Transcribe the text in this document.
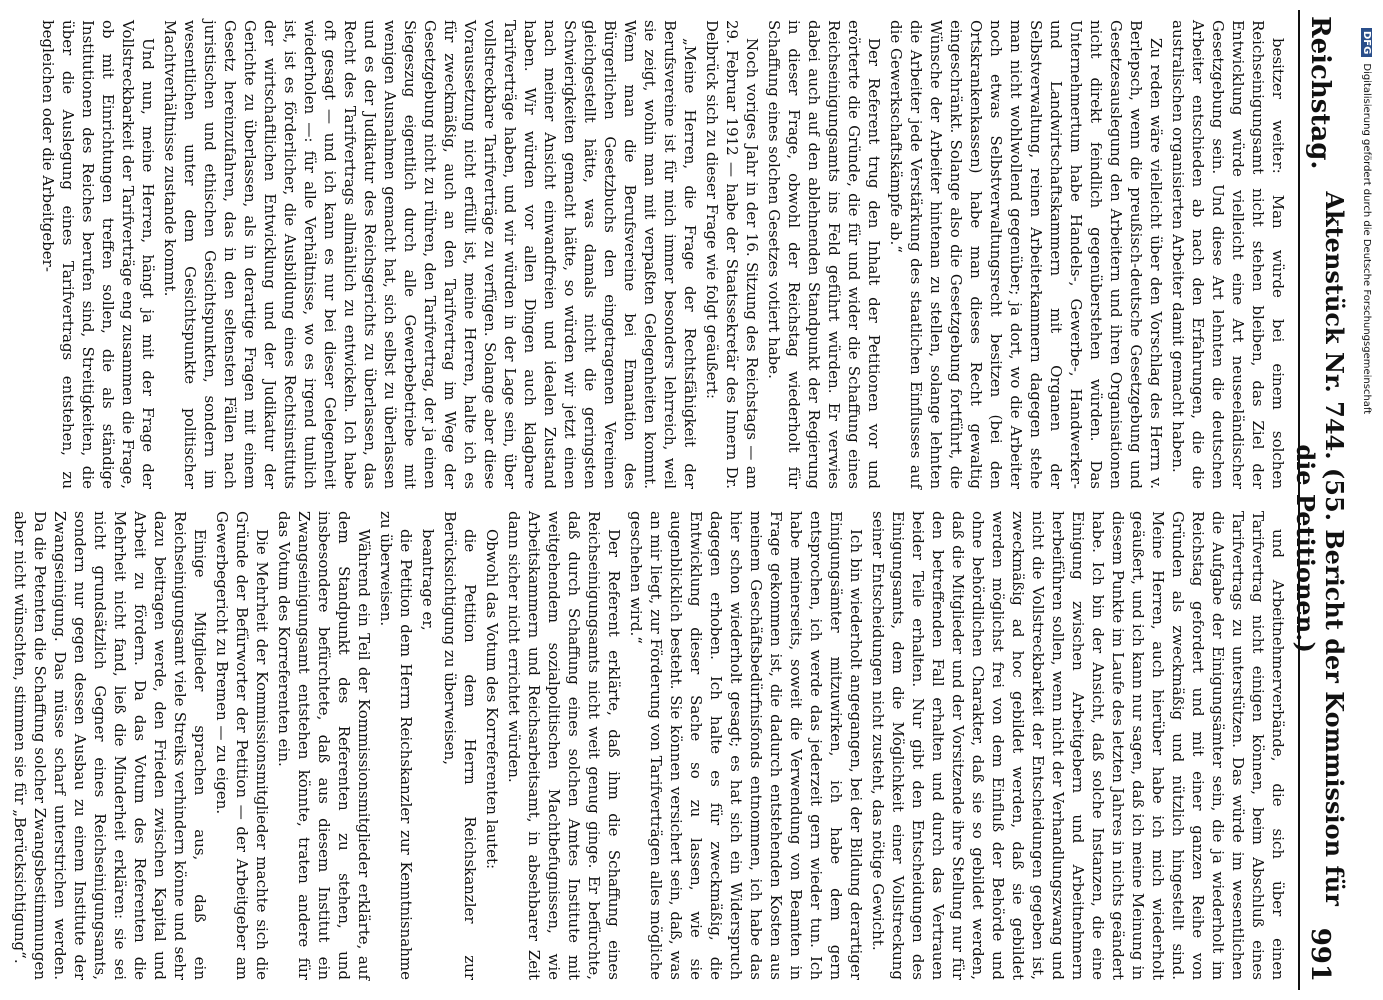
Reichstag.
Aktenstück Nr. 744. (55. Bericht der Kommission für die Petitionen.)
991

besitzer weiter: Man würde bei einem solchen Reichseinigungsamt nicht stehen bleiben, das Ziel der Entwicklung würde vielleicht eine Art neuseeländischer Gesetzgebung sein. Und diese Art lehnten die deutschen Arbeiter entschieden ab nach den Erfahrungen, die die australischen organisierten Arbeiter damit gemacht haben.

Zu reden wäre vielleicht über den Vorschlag des Herrn v. Berlepsch, wenn die preußisch-deutsche Gesetzgebung und Gesetzesauslegung den Arbeitern und ihren Organisationen nicht direkt feindlich gegenüberstehen würden. Das Unternehmertum habe Handels-, Gewerbe-, Handwerker- und Landwirtschaftskammern mit Organen der Selbstverwaltung, reinen Arbeiterkammern dagegen stehe man nicht wohlwollend gegenüber; ja dort, wo die Arbeiter noch etwas Selbstverwaltungsrecht besitzen (bei den Ortskrankenkassen) habe man dieses Recht gewaltig eingeschränkt. Solange also die Gesetzgebung fortführt, die Wünsche der Arbeiter hintenan zu stellen, solange lehnten die Arbeiter jede Verstärkung des staatlichen Einflusses auf die Gewerkschaftskämpfe ab.“

Der Referent trug den Inhalt der Petitionen vor und erörterte die Gründe, die für und wider die Schaffung eines Reichseinigungsamts ins Feld geführt würden. Er verwies dabei auch auf den ablehnenden Standpunkt der Regierung in dieser Frage, obwohl der Reichstag wiederholt für Schaffung eines solchen Gesetzes votiert habe.

Noch voriges Jahr in der 16. Sitzung des Reichstags — am 29. Februar 1912 — habe der Staatssekretär des Innern Dr. Delbrück sich zu dieser Frage wie folgt geäußert:

„Meine Herren, die Frage der Rechtsfähigkeit der Berufsvereine ist für mich immer besonders lehrreich, weil sie zeigt, wohin man mit verpaßten Gelegenheiten kommt. Wenn man die Berufsvereine bei Emanation des Bürgerlichen Gesetzbuchs den eingetragenen Vereinen gleichgestellt hätte, was damals nicht die geringsten Schwierigkeiten gemacht hätte, so würden wir jetzt einen nach meiner Ansicht einwandfreien und idealen Zustand haben. Wir würden vor allen Dingen auch klagbare Tarifverträge haben, und wir würden in der Lage sein, über vollstreckbare Tarifverträge zu verfügen. Solange aber diese Voraussetzung nicht erfüllt ist, meine Herren, halte ich es für zweckmäßig, auch an den Tarifvertrag im Wege der Gesetzgebung nicht zu rühren, den Tarifvertrag, der ja einen Siegeszug eigentlich durch alle Gewerbebetriebe mit wenigen Ausnahmen gemacht hat, sich selbst zu überlassen und es der Judikatur des Reichsgerichts zu überlassen, das Recht des Tarifvertrags allmählich zu entwickeln. Ich habe oft gesagt — und ich kann es nur bei dieser Gelegenheit wiederholen —: für alle Verhältnisse, wo es irgend tunlich ist, ist es förderlicher, die Ausbildung eines Rechtsinstituts der wirtschaftlichen Entwicklung und der Judikatur der Gerichte zu überlassen, als in derartige Fragen mit einem Gesetz hereinzufahren, das in den seltensten Fällen nach juristischen und ethischen Gesichtspunkten, sondern im wesentlichen unter dem Gesichtspunkte politischer Machtverhältnisse zustande kommt.

Und nun, meine Herren, hängt ja mit der Frage der Vollstreckbarkeit der Tarifverträge eng zusammen die Frage, ob mit Einrichtungen treffen sollen, die als ständige Institutionen des Reiches berufen sind, Streitigkeiten, die über die Auslegung eines Tarifvertrags entstehen, zu begleichen oder die Arbeitgeber-

und Arbeitnehmerverbände, die sich über einen Tarifvertrag nicht einigen können, beim Abschluß eines Tarifvertrags zu unterstützen. Das würde im wesentlichen die Aufgabe der Einigungsämter sein, die ja wiederholt im Reichstag gefordert und mit einer ganzen Reihe von Gründen als zweckmäßig und nützlich hingestellt sind. Meine Herren, auch hierüber habe ich mich wiederholt geäußert, und ich kann nur sagen, daß ich meine Meinung in diesem Punkte im Laufe des letzten Jahres in nichts geändert habe. Ich bin der Ansicht, daß solche Instanzen, die eine Einigung zwischen Arbeitgebern und Arbeitnehmern herbeiführen sollen, wenn nicht der Verhandlungszwang und nicht die Vollstreckbarkeit der Entscheidungen gegeben ist, zweckmäßig ad hoc gebildet werden, daß sie gebildet werden möglichst frei von dem Einfluß der Behörde und ohne behördlichen Charakter, daß sie so gebildet werden, daß die Mitglieder und der Vorsitzende ihre Stellung nur für den betreffenden Fall erhalten und durch das Vertrauen beider Teile erhalten. Nur gibt den Entscheidungen des Einigungsamts, dem die Möglichkeit einer Vollstreckung seiner Entscheidungen nicht zusteht, das nötige Gewicht.

Ich bin wiederholt angegangen, bei der Bildung derartiger Einigungsämter mitzuwirken, ich habe dem gern entsprochen, ich werde das jederzeit gern wieder tun. Ich habe meinerseits, soweit die Verwendung von Beamten in Frage gekommen ist, die dadurch entstehenden Kosten aus meinem Geschäftsbedürfnisfonds entnommen, ich habe das hier schon wiederholt gesagt; es hat sich ein Widerspruch dagegen erhoben. Ich halte es für zweckmäßig, die Entwicklung dieser Sache so zu lassen, wie sie augenblicklich besteht. Sie können versichert sein, daß, was an mir liegt, zur Förderung von Tarifverträgen alles mögliche geschehen wird.“

Der Referent erklärte, daß ihm die Schaffung eines Reichseinigungsamts nicht weit genug ginge. Er befürchte, daß durch Schaffung eines solchen Amtes Institute mit weitgehendem sozialpolitischen Machtbefugnissen, wie Arbeitskammern und Reichsarbeitsamt, in absehbarer Zeit dann sicher nicht errichtet würden.

Obwohl das Votum des Korreferenten lautet:

die Petition dem Herrn Reichskanzler zur Berücksichtigung zu überweisen,

beantrage er,

die Petition dem Herrn Reichskanzler zur Kenntnisnahme zu überweisen.

Während ein Teil der Kommissionsmitglieder erklärte, auf dem Standpunkt des Referenten zu stehen, und insbesondere befürchtete, daß aus diesem Institut ein Zwangseinigungsamt entstehen könnte, traten andere für das Votum des Korreferenten ein.

Die Mehrheit der Kommissionsmitglieder machte sich die Gründe der Befürworter der Petition — der Arbeitgeber am Gewerbegericht zu Bremen — zu eigen.

Einige Mitglieder sprachen aus, daß ein Reichseinigungsamt viele Streiks verhindern könne und sehr dazu beitragen werde, den Frieden zwischen Kapital und Arbeit zu fördern. Da das Votum des Referenten die Mehrheit nicht fand, ließ die Minderheit erklären: sie sei nicht grundsätzlich Gegner eines Reichseinigungsamts, sondern nur gegen dessen Ausbau zu einem Institute der Zwangseinigung. Das müsse scharf unterstrichen werden. Da die Petenten die Schaffung solcher Zwangsbestimmungen aber nicht wünschten, stimmen sie für „Berücksichtigung“.

DFGDigitalisierung gefördert durch die Deutsche Forschungsgemeinschaft
